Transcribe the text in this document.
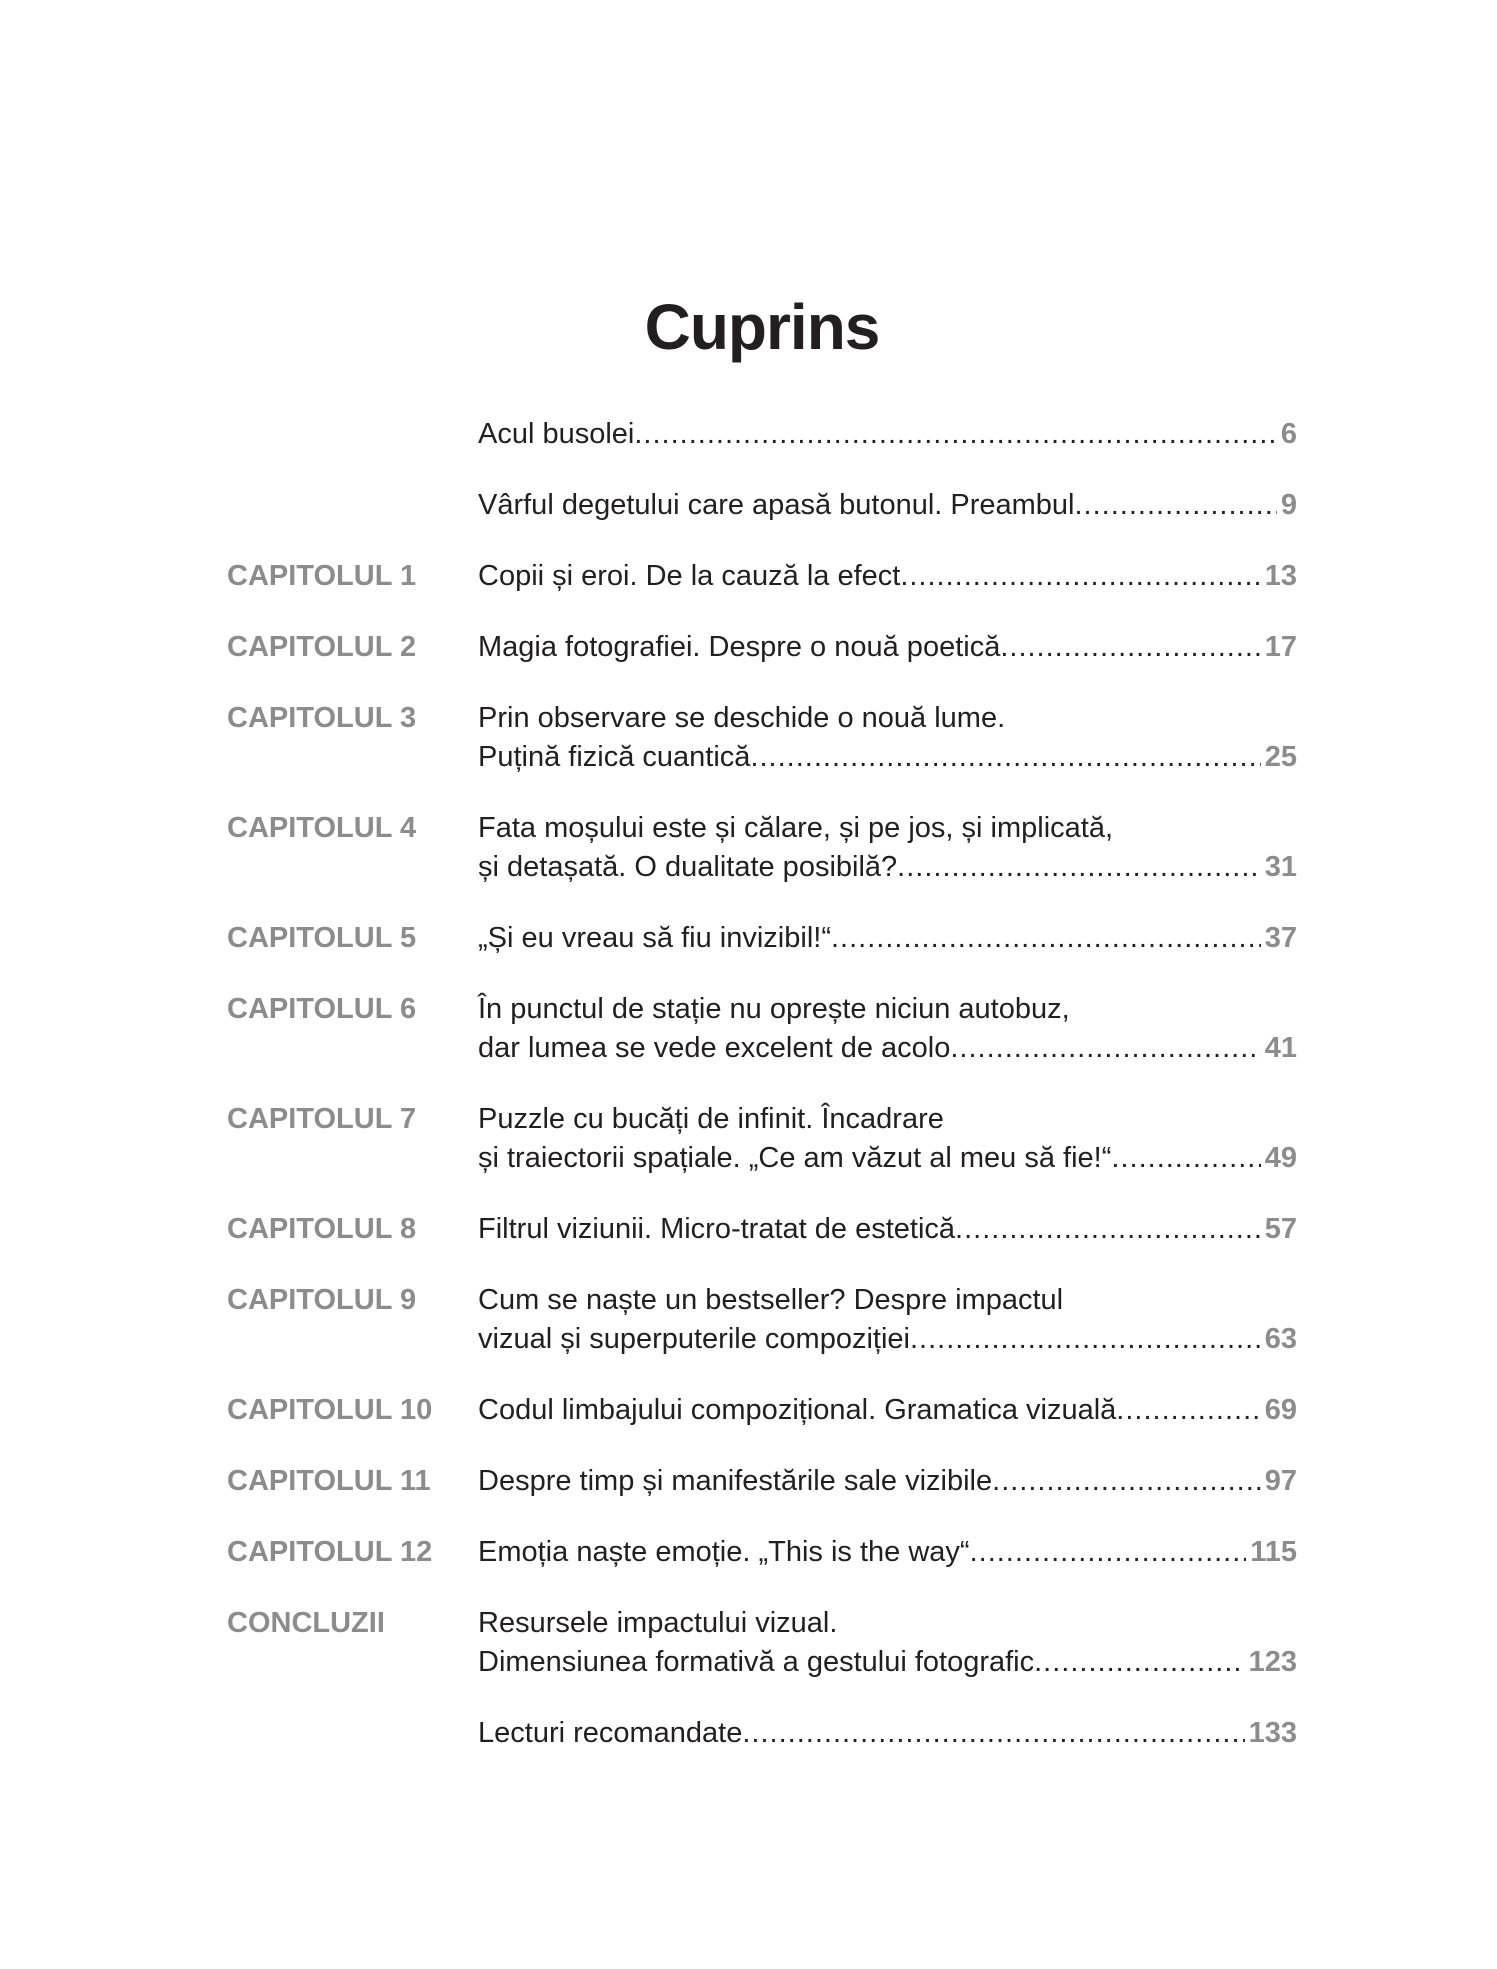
Cuprins
Acul busolei .....	6
Vârful degetului care apasă butonul. Preambul .....	9
CAPITOLUL 1	Copii și eroi. De la cauză la efect .....	13
CAPITOLUL 2	Magia fotografiei. Despre o nouă poetică .....	17
CAPITOLUL 3	Prin observare se deschide o nouă lume.
Puțină fizică cuantică .....	25
CAPITOLUL 4	Fata moșului este și călare, și pe jos, și implicată,
și detașată. O dualitate posibilă? .....	31
CAPITOLUL 5	„Și eu vreau să fiu invizibil!“ .....	37
CAPITOLUL 6	În punctul de stație nu oprește niciun autobuz,
dar lumea se vede excelent de acolo .....	41
CAPITOLUL 7	Puzzle cu bucăți de infinit. Încadrare
și traiectorii spațiale. „Ce am văzut al meu să fie!“ .....	49
CAPITOLUL 8	Filtrul viziunii. Micro-tratat de estetică .....	57
CAPITOLUL 9	Cum se naște un bestseller? Despre impactul
vizual și superputerile compoziției .....	63
CAPITOLUL 10	Codul limbajului compozițional. Gramatica vizuală .....	69
CAPITOLUL 11	Despre timp și manifestările sale vizibile .....	97
CAPITOLUL 12	Emoția naște emoție. „This is the way“ .....	115
CONCLUZII	Resursele impactului vizual.
Dimensiunea formativă a gestului fotografic .....	123
Lecturi recomandate .....	133
